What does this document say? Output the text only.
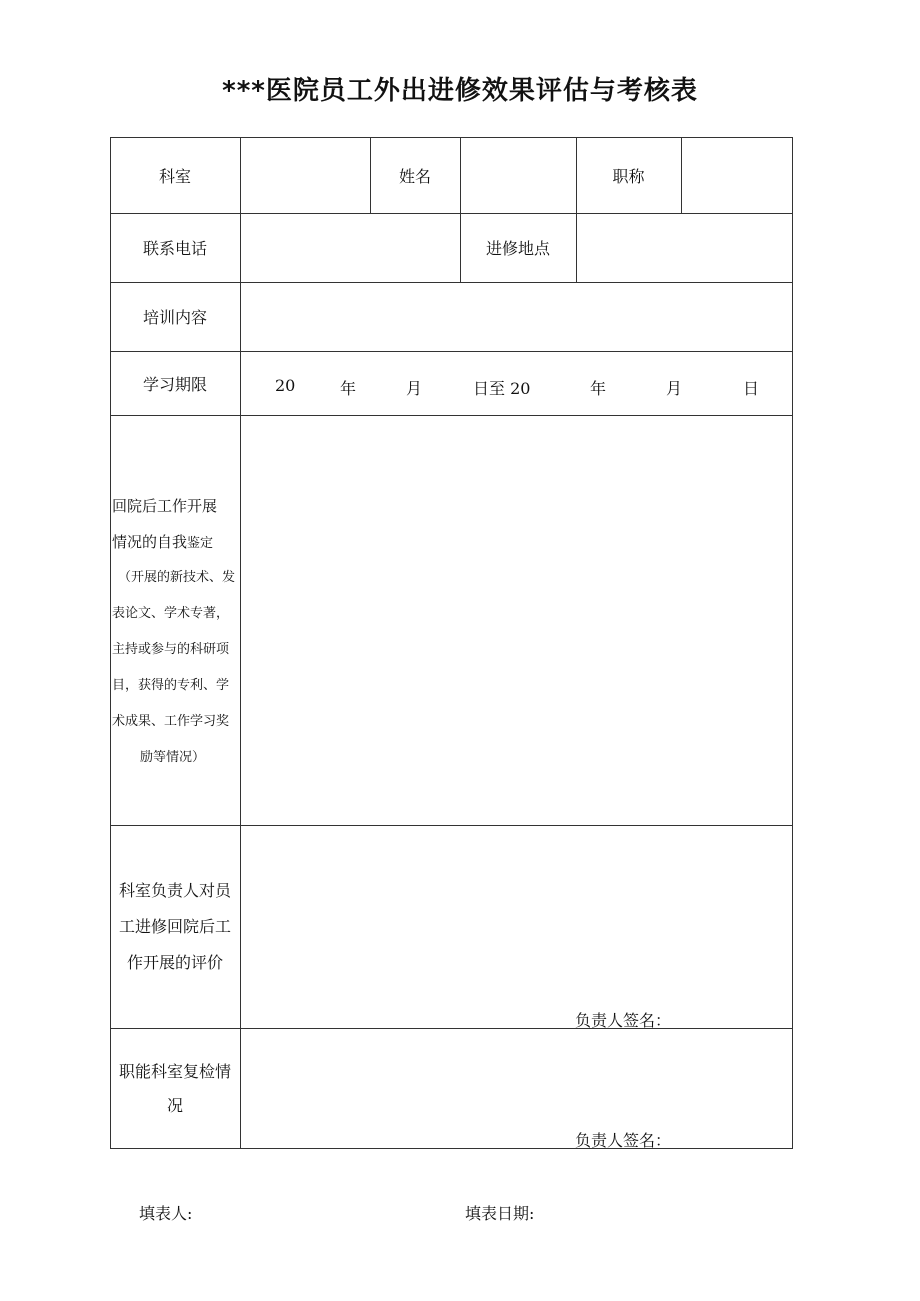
***医院员工外出进修效果评估与考核表
科室	姓名	职称
联系电话	进修地点
培训内容
学习期限	20	年	月	日至 20	年	月	日
回院后工作开展
情况的自我鉴定
（开展的新技术、发
表论文、学术专著，
主持或参与的科研项
目，获得的专利、学
术成果、工作学习奖
励等情况）
科室负责人对员
工进修回院后工
作开展的评价
负责人签名：
职能科室复检情
况
负责人签名：
填表人:	填表日期:
